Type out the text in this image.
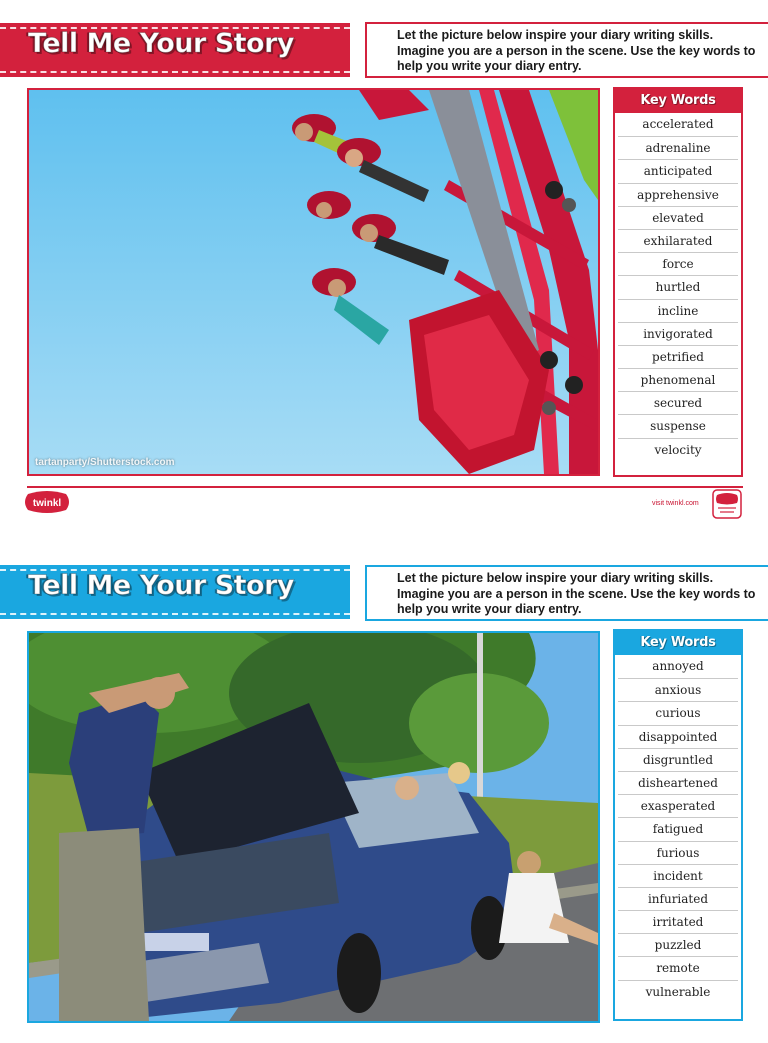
Tell Me Your Story	Let the picture below inspire your diary writing skills. Imagine you are a person in the scene. Use the key words to help you write your diary entry.
tartanparty/Shutterstock.com
Key Words
accelerated
adrenaline
anticipated
apprehensive
elevated
exhilarated
force
hurtled
incline
invigorated
petrified
phenomenal
secured
suspense
velocity
twinkl	visit twinkl.com
Tell Me Your Story	Let the picture below inspire your diary writing skills. Imagine you are a person in the scene. Use the key words to help you write your diary entry.
Key Words
annoyed
anxious
curious
disappointed
disgruntled
disheartened
exasperated
fatigued
furious
incident
infuriated
irritated
puzzled
remote
vulnerable
